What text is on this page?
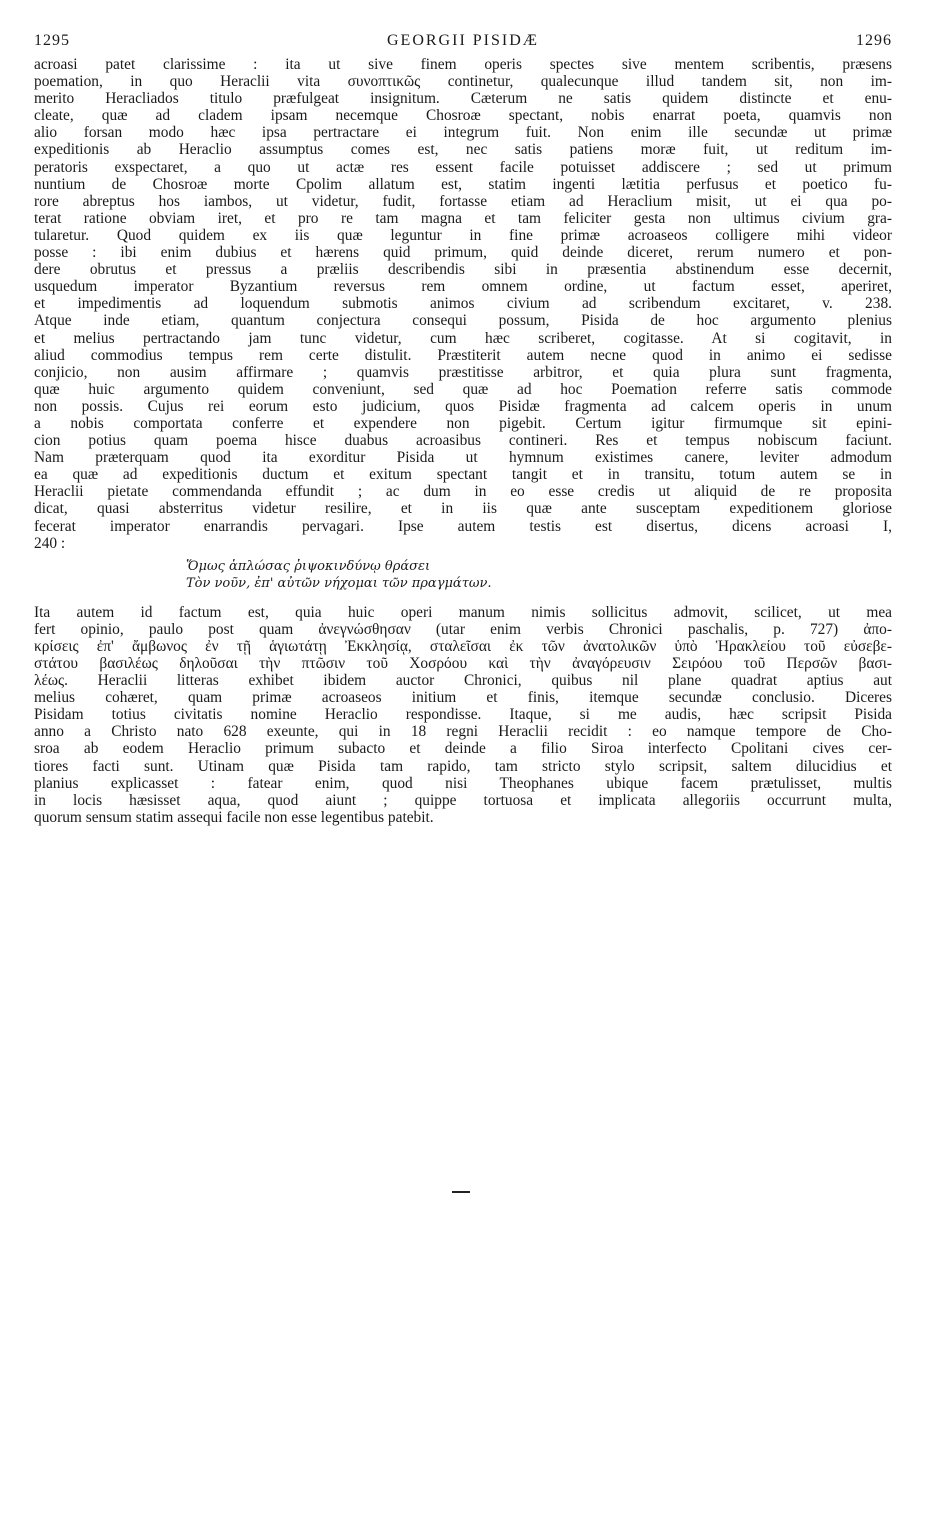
1295	GEORGII PISIDÆ	1296
acroasi patet clarissime : ita ut sive finem operis spectes sive mentem scribentis, præsens
poemation, in quo Heraclii vita συνοπτικῶς continetur, qualecunque illud tandem sit, non im-
merito Heracliados titulo præfulgeat insignitum. Cæterum ne satis quidem distincte et enu-
cleate, quæ ad cladem ipsam necemque Chosroæ spectant, nobis enarrat poeta, quamvis non
alio forsan modo hæc ipsa pertractare ei integrum fuit. Non enim ille secundæ ut primæ
expeditionis ab Heraclio assumptus comes est, nec satis patiens moræ fuit, ut reditum im-
peratoris exspectaret, a quo ut actæ res essent facile potuisset addiscere ; sed ut primum
nuntium de Chosroæ morte Cpolim allatum est, statim ingenti lætitia perfusus et poetico fu-
rore abreptus hos iambos, ut videtur, fudit, fortasse etiam ad Heraclium misit, ut ei qua po-
terat ratione obviam iret, et pro re tam magna et tam feliciter gesta non ultimus civium gra-
tularetur. Quod quidem ex iis quæ leguntur in fine primæ acroaseos colligere mihi videor
posse : ibi enim dubius et hærens quid primum, quid deinde diceret, rerum numero et pon-
dere obrutus et pressus a præliis describendis sibi in præsentia abstinendum esse decernit,
usquedum imperator Byzantium reversus rem omnem ordine, ut factum esset, aperiret,
et impedimentis ad loquendum submotis animos civium ad scribendum excitaret, v. 238.
Atque inde etiam, quantum conjectura consequi possum, Pisida de hoc argumento plenius
et melius pertractando jam tunc videtur, cum hæc scriberet, cogitasse. At si cogitavit, in
aliud commodius tempus rem certe distulit. Præstiterit autem necne quod in animo ei sedisse
conjicio, non ausim affirmare ; quamvis præstitisse arbitror, et quia plura sunt fragmenta,
quæ huic argumento quidem conveniunt, sed quæ ad hoc Poemation referre satis commode
non possis. Cujus rei eorum esto judicium, quos Pisidæ fragmenta ad calcem operis in unum
a nobis comportata conferre et expendere non pigebit. Certum igitur firmumque sit epini-
cion potius quam poema hisce duabus acroasibus contineri. Res et tempus nobiscum faciunt.
Nam præterquam quod ita exorditur Pisida ut hymnum existimes canere, leviter admodum
ea quæ ad expeditionis ductum et exitum spectant tangit et in transitu, totum autem se in
Heraclii pietate commendanda effundit ; ac dum in eo esse credis ut aliquid de re proposita
dicat, quasi absterritus videtur resilire, et in iis quæ ante susceptam expeditionem gloriose
fecerat imperator enarrandis pervagari. Ipse autem testis est disertus, dicens acroasi I,
240 :
Ὅμως ἁπλώσας ῥιψοκινδύνῳ θράσει
Τὸν νοῦν, ἐπ' αὐτῶν νήχομαι τῶν πραγμάτων.
Ita autem id factum est, quia huic operi manum nimis sollicitus admovit, scilicet, ut mea
fert opinio, paulo post quam ἀνεγνώσθησαν (utar enim verbis Chronici paschalis, p. 727) ἀπο-
κρίσεις ἐπ' ἄμβωνος ἐν τῇ ἁγιωτάτῃ Ἐκκλησίᾳ, σταλεῖσαι ἐκ τῶν ἀνατολικῶν ὑπὸ Ἡρακλείου τοῦ εὐσεβε-
στάτου βασιλέως δηλοῦσαι τὴν πτῶσιν τοῦ Χοσρόου καὶ τὴν ἀναγόρευσιν Σειρόου τοῦ Περσῶν βασι-
λέως. Heraclii litteras exhibet ibidem auctor Chronici, quibus nil plane quadrat aptius aut
melius cohæret, quam primæ acroaseos initium et finis, itemque secundæ conclusio. Diceres
Pisidam totius civitatis nomine Heraclio respondisse. Itaque, si me audis, hæc scripsit Pisida
anno a Christo nato 628 exeunte, qui in 18 regni Heraclii recidit : eo namque tempore de Cho-
sroa ab eodem Heraclio primum subacto et deinde a filio Siroa interfecto Cpolitani cives cer-
tiores facti sunt. Utinam quæ Pisida tam rapido, tam stricto stylo scripsit, saltem dilucidius et
planius explicasset : fatear enim, quod nisi Theophanes ubique facem prætulisset, multis
in locis hæsisset aqua, quod aiunt ; quippe tortuosa et implicata allegoriis occurrunt multa,
quorum sensum statim assequi facile non esse legentibus patebit.
